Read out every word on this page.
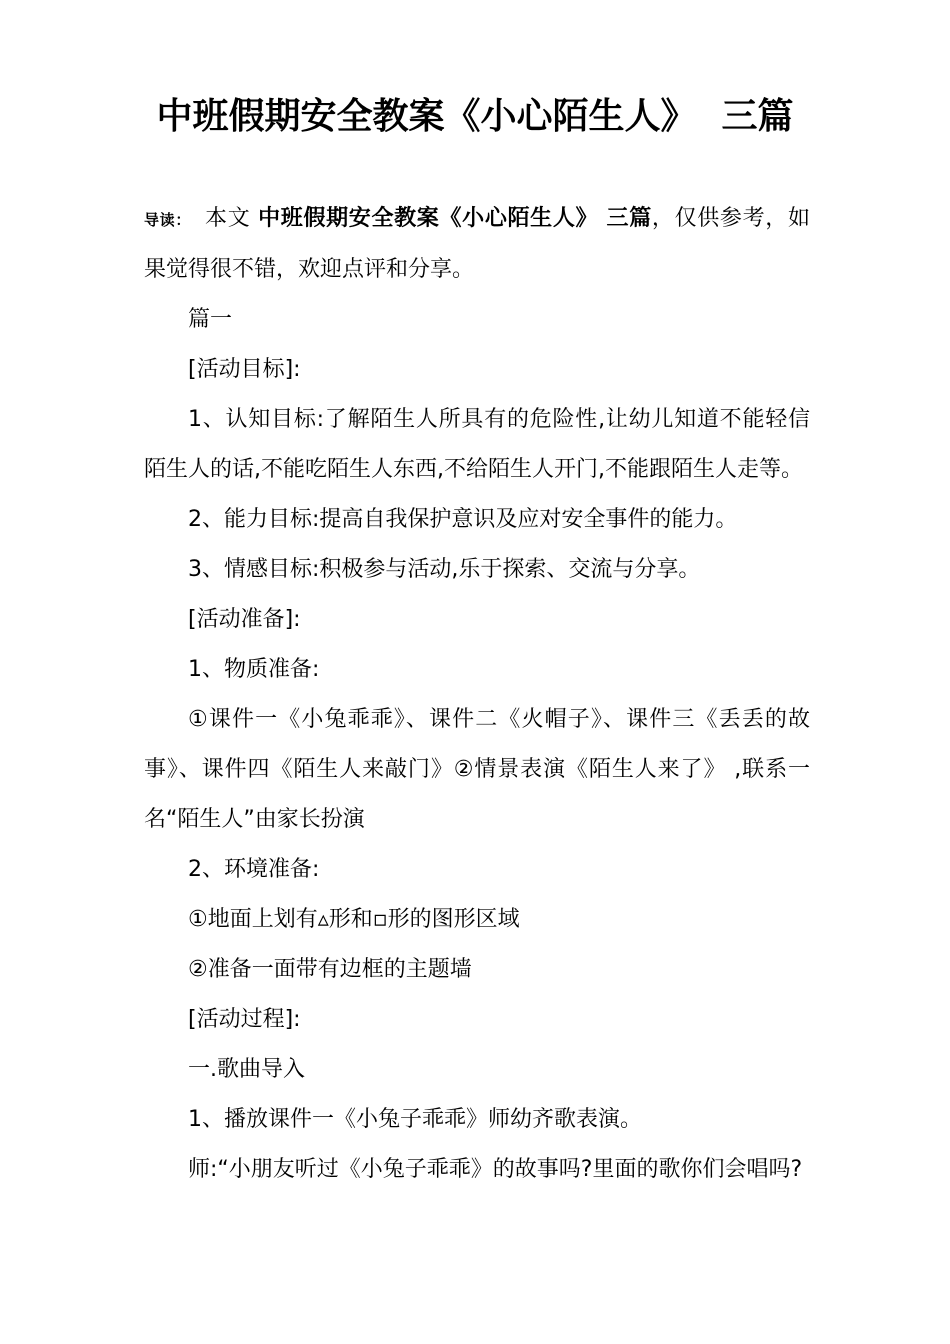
中班假期安全教案《小心陌生人》  三篇

导读： 本文 中班假期安全教案《小心陌生人》 三篇，仅供参考，如果觉得很不错，欢迎点评和分享。

篇一

[活动目标]:

1、认知目标:了解陌生人所具有的危险性,让幼儿知道不能轻信陌生人的话,不能吃陌生人东西,不给陌生人开门,不能跟陌生人走等。

2、能力目标:提高自我保护意识及应对安全事件的能力。

3、情感目标:积极参与活动,乐于探索、交流与分享。

[活动准备]:

1、物质准备:

①课件一《小兔乖乖》、课件二《火帽子》、课件三《丢丢的故事》、课件四《陌生人来敲门》②情景表演《陌生人来了》 ,联系一名“陌生人”由家长扮演

2、环境准备:

①地面上划有▵形和▫形的图形区域

②准备一面带有边框的主题墙

[活动过程]:

一.歌曲导入

1、播放课件一《小兔子乖乖》师幼齐歌表演。

师:“小朋友听过《小兔子乖乖》的故事吗?里面的歌你们会唱吗?
